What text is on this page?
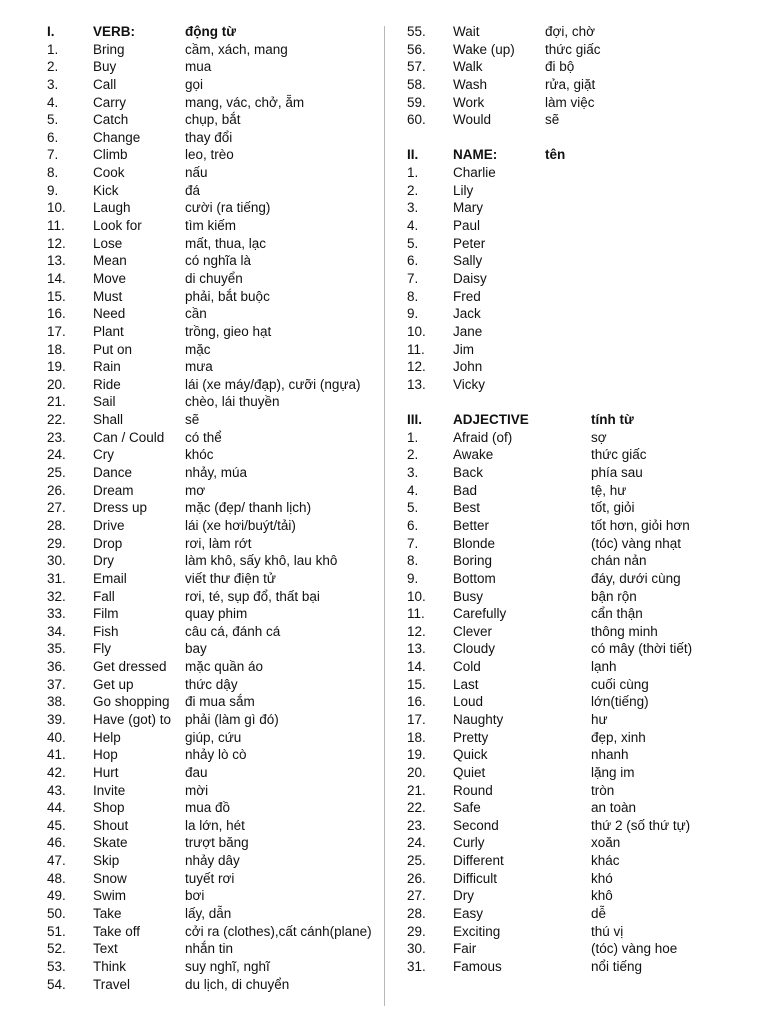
I.	VERB:	động từ
1.	Bring	cầm, xách, mang
2.	Buy	mua
3.	Call	gọi
4.	Carry	mang, vác, chở, ẵm
5.	Catch	chụp, bắt
6.	Change	thay đổi
7.	Climb	leo, trèo
8.	Cook	nấu
9.	Kick	đá
10. Laugh	cười (ra tiếng)
11. Look for	tìm kiếm
12. Lose	mất, thua, lạc
13. Mean	có nghĩa là
14. Move	di chuyển
15. Must	phải, bắt buộc
16. Need	cần
17. Plant	trồng, gieo hạt
18. Put on	mặc
19. Rain	mưa
20. Ride	lái (xe máy/đạp), cưỡi (ngựa)
21. Sail	chèo, lái thuyền
22. Shall	sẽ
23. Can / Could có thể
24. Cry	khóc
25. Dance	nhảy, múa
26. Dream	mơ
27. Dress up	mặc (đẹp/ thanh lịch)
28. Drive	lái (xe hơi/buýt/tải)
29. Drop	rơi, làm rớt
30. Dry	làm khô, sấy khô, lau khô
31. Email	viết thư điện tử
32. Fall	rơi, té, sụp đổ, thất bại
33. Film	quay phim
34. Fish	câu cá, đánh cá
35. Fly	bay
36. Get dressed mặc quần áo
37. Get up	thức dậy
38. Go shopping đi mua sắm
39. Have (got) to phải (làm gì đó)
40. Help	giúp, cứu
41. Hop	nhảy lò cò
42. Hurt	đau
43. Invite	mời
44. Shop	mua đồ
45. Shout	la lớn, hét
46. Skate	trượt băng
47. Skip	nhảy dây
48. Snow	tuyết rơi
49. Swim	bơi
50. Take	lấy, dẫn
51. Take off	cởi ra (clothes),cất cánh(plane)
52. Text	nhắn tin
53. Think	suy nghĩ, nghĩ
54. Travel	du lịch, di chuyển
55. Wait	đợi, chờ
56. Wake (up) thức giấc
57. Walk	đi bộ
58. Wash	rửa, giặt
59. Work	làm việc
60. Would	sẽ
II.	NAME:	tên
1.	Charlie
2.	Lily
3.	Mary
4.	Paul
5.	Peter
6.	Sally
7.	Daisy
8.	Fred
9.	Jack
10. Jane
11. Jim
12. John
13. Vicky
III. ADJECTIVE	tính từ
1.	Afraid (of)	sợ
2.	Awake	thức giấc
3.	Back	phía sau
4.	Bad	tệ, hư
5.	Best	tốt, giỏi
6.	Better	tốt hơn, giỏi hơn
7.	Blonde	(tóc) vàng nhạt
8.	Boring	chán nản
9.	Bottom	đáy, dưới cùng
10. Busy	bận rộn
11. Carefully	cẩn thận
12. Clever	thông minh
13. Cloudy	có mây (thời tiết)
14. Cold	lạnh
15. Last	cuối cùng
16. Loud	lớn(tiếng)
17. Naughty	hư
18. Pretty	đẹp, xinh
19. Quick	nhanh
20. Quiet	lặng im
21. Round	tròn
22. Safe	an toàn
23. Second	thứ 2 (số thứ tự)
24. Curly	xoăn
25. Different	khác
26. Difficult	khó
27. Dry	khô
28. Easy	dễ
29. Exciting	thú vị
30. Fair	(tóc) vàng hoe
31. Famous	nổi tiếng
